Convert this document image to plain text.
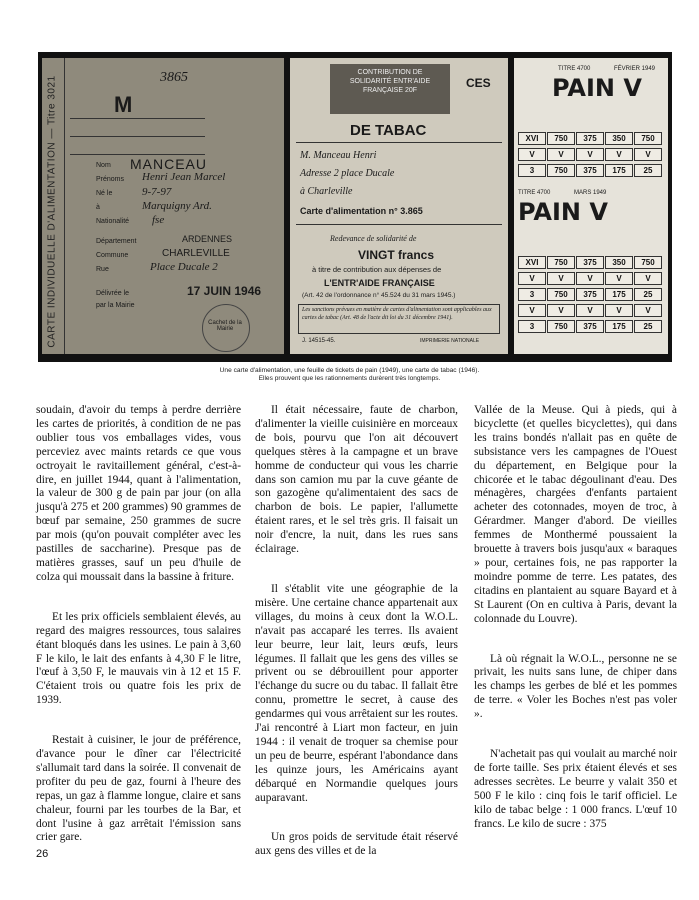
CARTE INDIVIDUELLE D'ALIMENTATION — Titre 3021	3865
M
Nom MANCEAU
Prénoms Henri Jean Marcel
Né le	9-7-97
à	Marquigny Ard.
Nationalité fse
Département	ARDENNES
Commune	CHARLEVILLE
Rue	Place Ducale 2
Délivrée le
par la Mairie
17 JUIN 1946
Cachet de la Mairie
CONTRIBUTION DE SOLIDARITÉ ENTR'AIDE FRANÇAISE 20F
CES
DE TABAC
M. Manceau Henri
Adresse 2 place Ducale
à Charleville
Carte d'alimentation n° 3.865
Redevance de solidarité de
VINGT francs
à titre de contribution aux dépenses de
L'ENTR'AIDE FRANÇAISE
(Art. 42 de l'ordonnance n° 45.524 du 31 mars 1945.)
Les sanctions prévues en matière de cartes d'alimentation sont applicables aux cartes de tabac (Art. 48 de l'acte dit loi du 31 décembre 1941).
J. 14515-45.	IMPRIMERIE NATIONALE
TITRE 4700	FÉVRIER 1949
PAIN V
XVI	750	375	350	750
V	V	V	V	V
3	750	375	175	25
TITRE 4700	MARS 1949
PAIN V
XVI	750	375	350	750
V	V	V	V	V
3	750	375	175	25
V	V	V	V	V
3	750	375	175	25
Une carte d'alimentation, une feuille de tickets de pain (1949), une carte de tabac (1946).
Elles prouvent que les rationnements durèrent très longtemps.

soudain, d'avoir du temps à perdre derrière les cartes de priorités, à condition de ne pas oublier tous vos emballages vides, vous perceviez avec maints retards ce que vous octroyait le ravitaillement général, c'est-à-dire, en juillet 1944, quant à l'alimentation, la valeur de 300 g de pain par jour (on alla jusqu'à 275 et 200 grammes) 90 grammes de bœuf par semaine, 250 grammes de sucre par mois (qu'on pouvait compléter avec les pastilles de saccharine). Presque pas de matières grasses, sauf un peu d'huile de colza qui moussait dans la bassine à friture.

Et les prix officiels semblaient élevés, au regard des maigres ressources, tous salaires étant bloqués dans les usines. Le pain à 3,60 F le kilo, le lait des enfants à 4,30 F le litre, l'œuf à 3,50 F, le mauvais vin à 12 et 15 F. C'étaient trois ou quatre fois les prix de 1939.

Restait à cuisiner, le jour de préférence, d'avance pour le dîner car l'électricité s'allumait tard dans la soirée. Il convenait de profiter du peu de gaz, fourni à l'heure des repas, un gaz à flamme longue, claire et sans chaleur, fourni par les tourbes de la Bar, et dont l'usine à gaz arrêtait l'émission sans crier gare.

Il était nécessaire, faute de charbon, d'alimenter la vieille cuisinière en morceaux de bois, pourvu que l'on ait découvert quelques stères à la campagne et un brave homme de conducteur qui vous les charrie dans son camion mu par la cuve géante de son gazogène qu'alimentaient des sacs de charbon de bois. Le papier, l'allumette étaient rares, et le sel très gris. Il faisait un noir d'encre, la nuit, dans les rues sans éclairage.

Il s'établit vite une géographie de la misère. Une certaine chance appartenait aux villages, du moins à ceux dont la W.O.L. n'avait pas accaparé les terres. Ils avaient leur beurre, leur lait, leurs œufs, leurs légumes. Il fallait que les gens des villes se privent ou se débrouillent pour apporter l'échange du sucre ou du tabac. Il fallait être connu, promettre le secret, à cause des gendarmes qui vous arrêtaient sur les routes. J'ai rencontré à Liart mon facteur, en juin 1944 : il venait de troquer sa chemise pour un peu de beurre, espérant l'abondance dans les quinze jours, les Américains ayant débarqué en Normandie quelques jours auparavant.

Un gros poids de servitude était réservé aux gens des villes et de la

Vallée de la Meuse. Qui à pieds, qui à bicyclette (et quelles bicyclettes), qui dans les trains bondés n'allait pas en quête de subsistance vers les campagnes de l'Ouest du département, en Belgique pour la chicorée et le tabac dégoulinant d'eau. Des ménagères, chargées d'enfants partaient acheter des cotonnades, moyen de troc, à Gérardmer. Manger d'abord. De vieilles femmes de Monthermé poussaient la brouette à travers bois jusqu'aux « baraques » pour, certaines fois, ne pas rapporter la moindre pomme de terre. Les patates, des citadins en plantaient au square Bayard et à St Laurent (On en cultiva à Paris, devant la colonnade du Louvre).

Là où régnait la W.O.L., personne ne se privait, les nuits sans lune, de chiper dans les champs les gerbes de blé et les pommes de terre. « Voler les Boches n'est pas voler ».

N'achetait pas qui voulait au marché noir de forte taille. Ses prix étaient élevés et ses adresses secrètes. Le beurre y valait 350 et 500 F le kilo : cinq fois le tarif officiel. Le kilo de tabac belge : 1 000 francs. L'œuf 10 francs. Le kilo de sucre : 375

26
